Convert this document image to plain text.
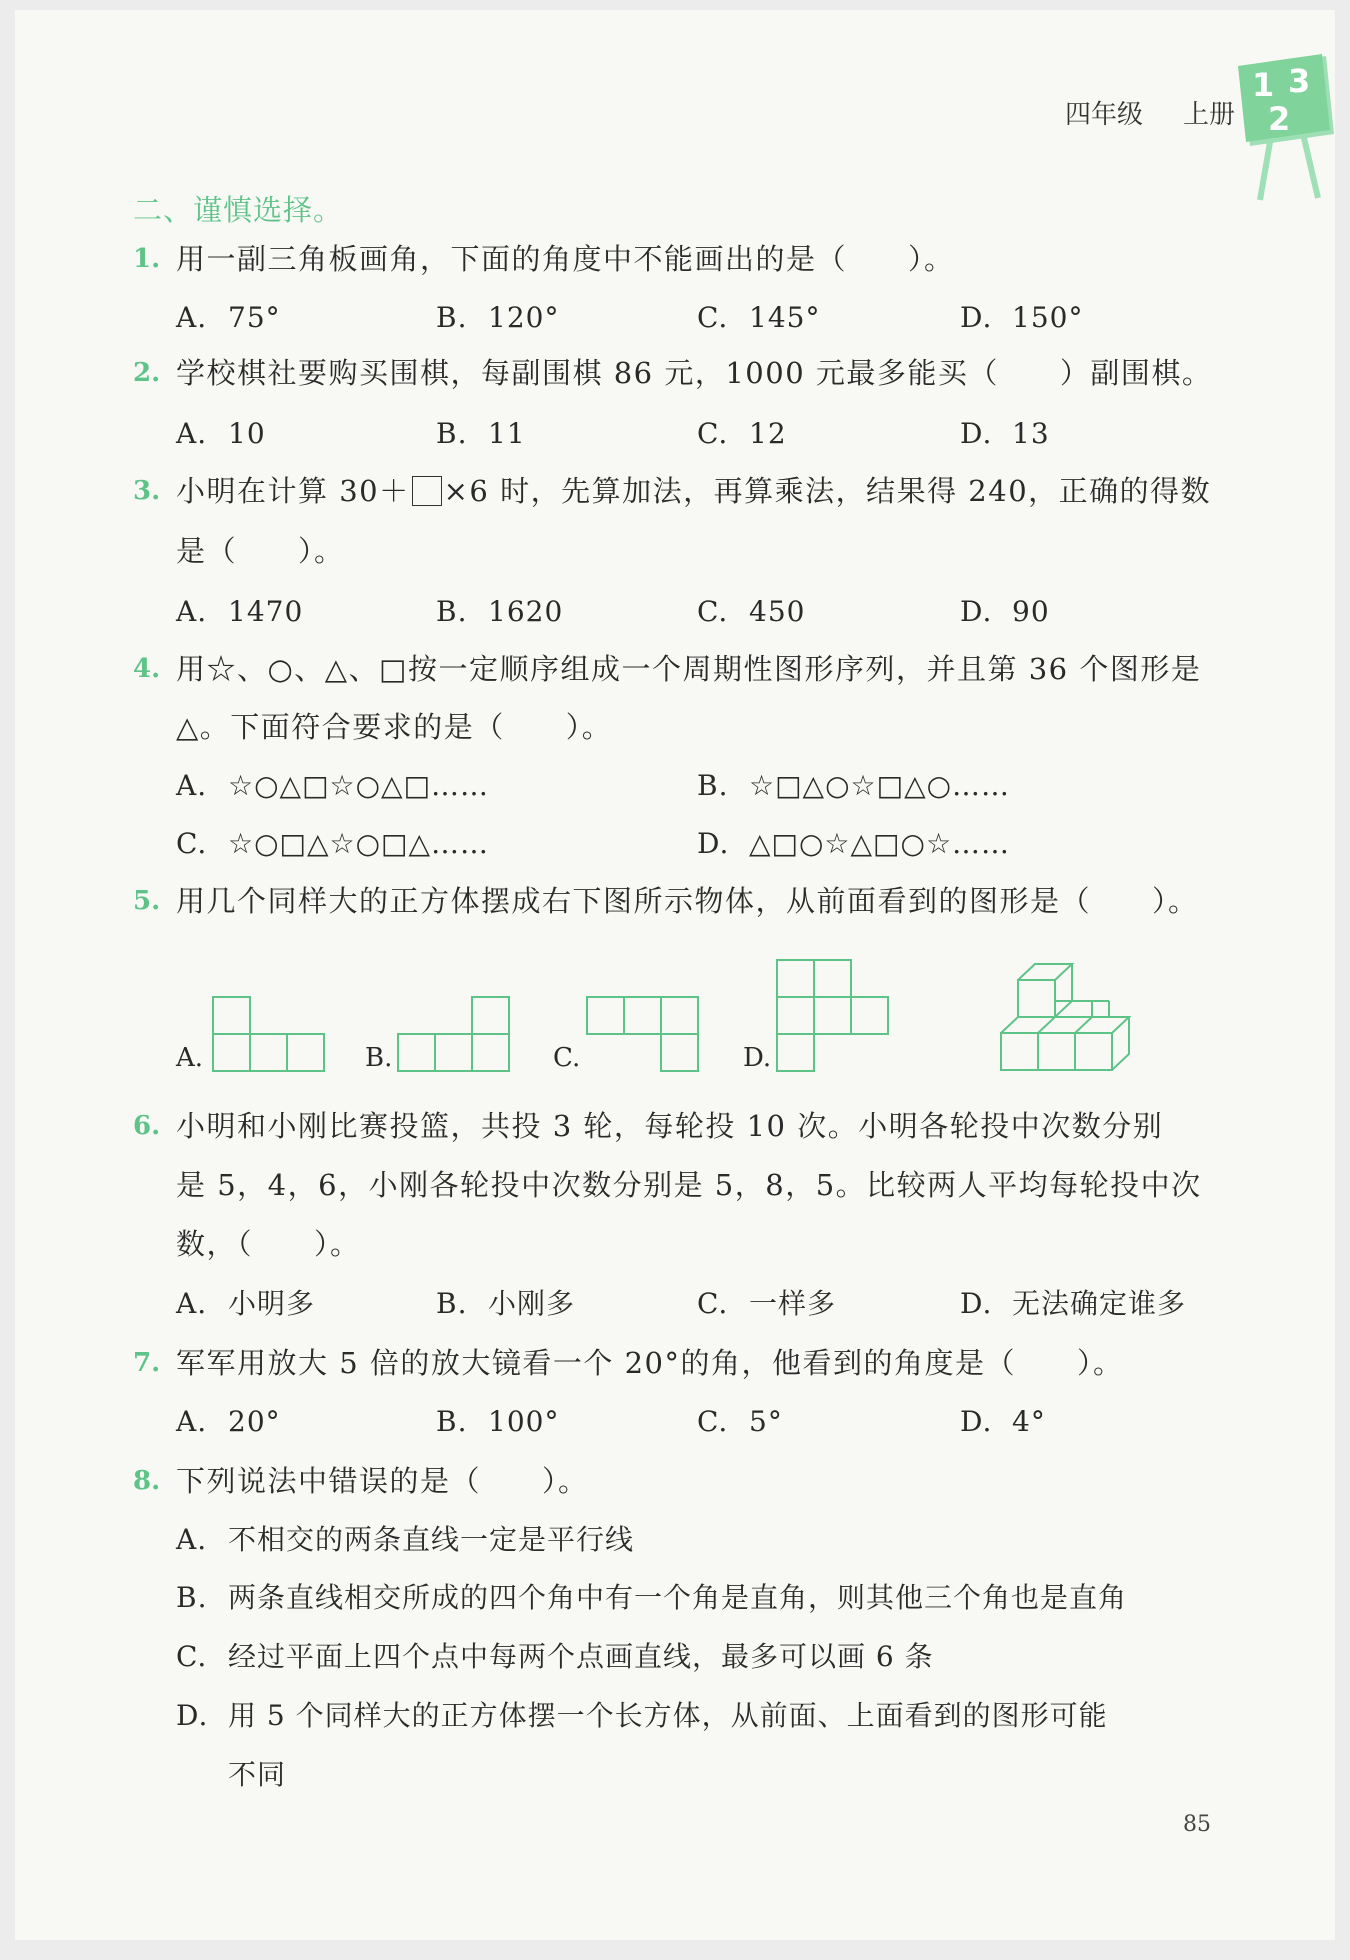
四年级 上册
1 3
2
二、谨慎选择。
1. 用一副三角板画角，下面的角度中不能画出的是（　　）。
A. 75°	B. 120°	C. 145°	D. 150°
2. 学校棋社要购买围棋，每副围棋 86 元，1000 元最多能买（　　）副围棋。
A. 10	B. 11	C. 12	D. 13
3. 小明在计算 30＋ ×6 时，先算加法，再算乘法，结果得 240，正确的得数
是（　　）。
A. 1470	B. 1620	C. 450	D. 90
4. 用☆、○、△、□按一定顺序组成一个周期性图形序列，并且第 36 个图形是
△。下面符合要求的是（　　）。
A. ☆○△□☆○△□……	B. ☆□△○☆□△○……
C. ☆○□△☆○□△……	D. △□○☆△□○☆……
5. 用几个同样大的正方体摆成右下图所示物体，从前面看到的图形是（　　）。
A.	B.	C.	D.
6. 小明和小刚比赛投篮，共投 3 轮，每轮投 10 次。小明各轮投中次数分别
是 5，4，6，小刚各轮投中次数分别是 5，8，5。比较两人平均每轮投中次
数，（　　）。
A. 小明多	B. 小刚多	C. 一样多	D. 无法确定谁多
7. 军军用放大 5 倍的放大镜看一个 20°的角，他看到的角度是（　　）。
A. 20°	B. 100°	C. 5°	D. 4°
8. 下列说法中错误的是（　　）。
A. 不相交的两条直线一定是平行线
B. 两条直线相交所成的四个角中有一个角是直角，则其他三个角也是直角
C. 经过平面上四个点中每两个点画直线，最多可以画 6 条
D. 用 5 个同样大的正方体摆一个长方体，从前面、上面看到的图形可能
不同
85
